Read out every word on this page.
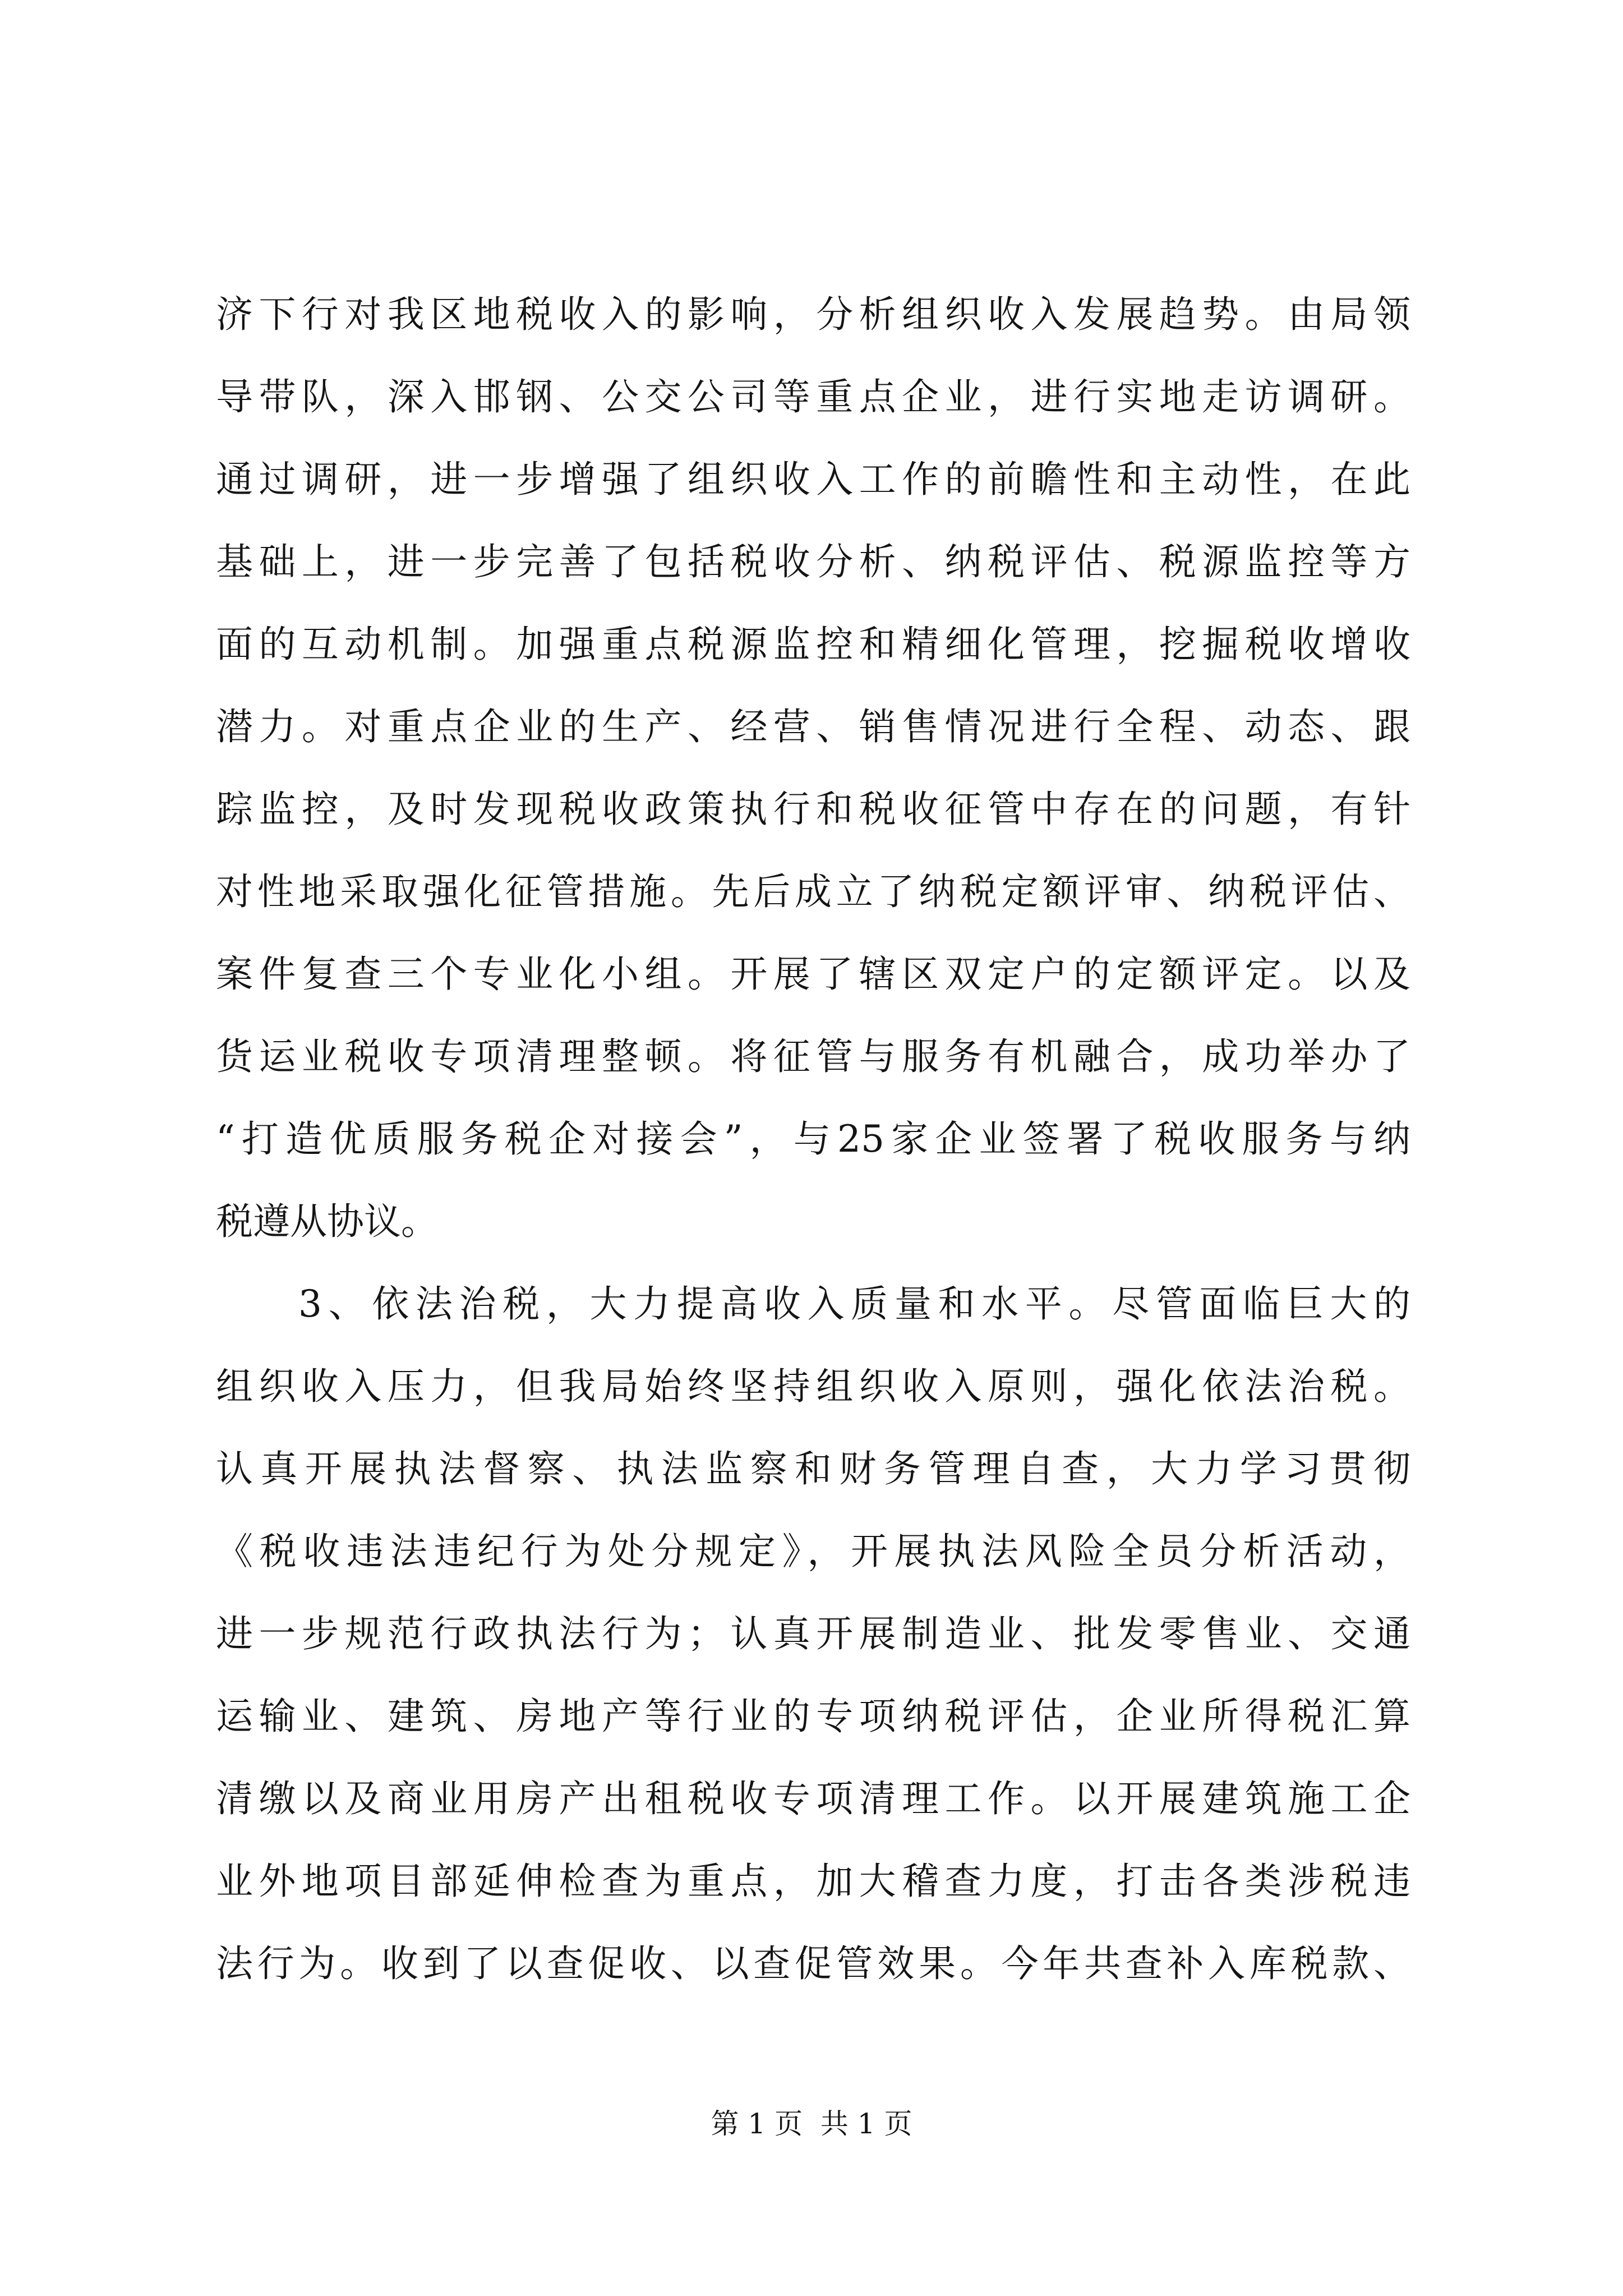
济下行对我区地税收入的影响，分析组织收入发展趋势。由局领
导带队，深入邯钢、公交公司等重点企业，进行实地走访调研。
通过调研，进一步增强了组织收入工作的前瞻性和主动性，在此
基础上，进一步完善了包括税收分析、纳税评估、税源监控等方
面的互动机制。加强重点税源监控和精细化管理，挖掘税收增收
潜力。对重点企业的生产、经营、销售情况进行全程、动态、跟
踪监控，及时发现税收政策执行和税收征管中存在的问题，有针
对性地采取强化征管措施。先后成立了纳税定额评审、纳税评估、
案件复查三个专业化小组。开展了辖区双定户的定额评定。以及
货运业税收专项清理整顿。将征管与服务有机融合，成功举办了
“打造优质服务税企对接会”，与25家企业签署了税收服务与纳
税遵从协议。
3、依法治税，大力提高收入质量和水平。尽管面临巨大的
组织收入压力，但我局始终坚持组织收入原则，强化依法治税。
认真开展执法督察、执法监察和财务管理自查，大力学习贯彻
《税收违法违纪行为处分规定》，开展执法风险全员分析活动，
进一步规范行政执法行为；认真开展制造业、批发零售业、交通
运输业、建筑、房地产等行业的专项纳税评估，企业所得税汇算
清缴以及商业用房产出租税收专项清理工作。以开展建筑施工企
业外地项目部延伸检查为重点，加大稽查力度，打击各类涉税违
法行为。收到了以查促收、以查促管效果。今年共查补入库税款、
第 1 页  共 1 页
